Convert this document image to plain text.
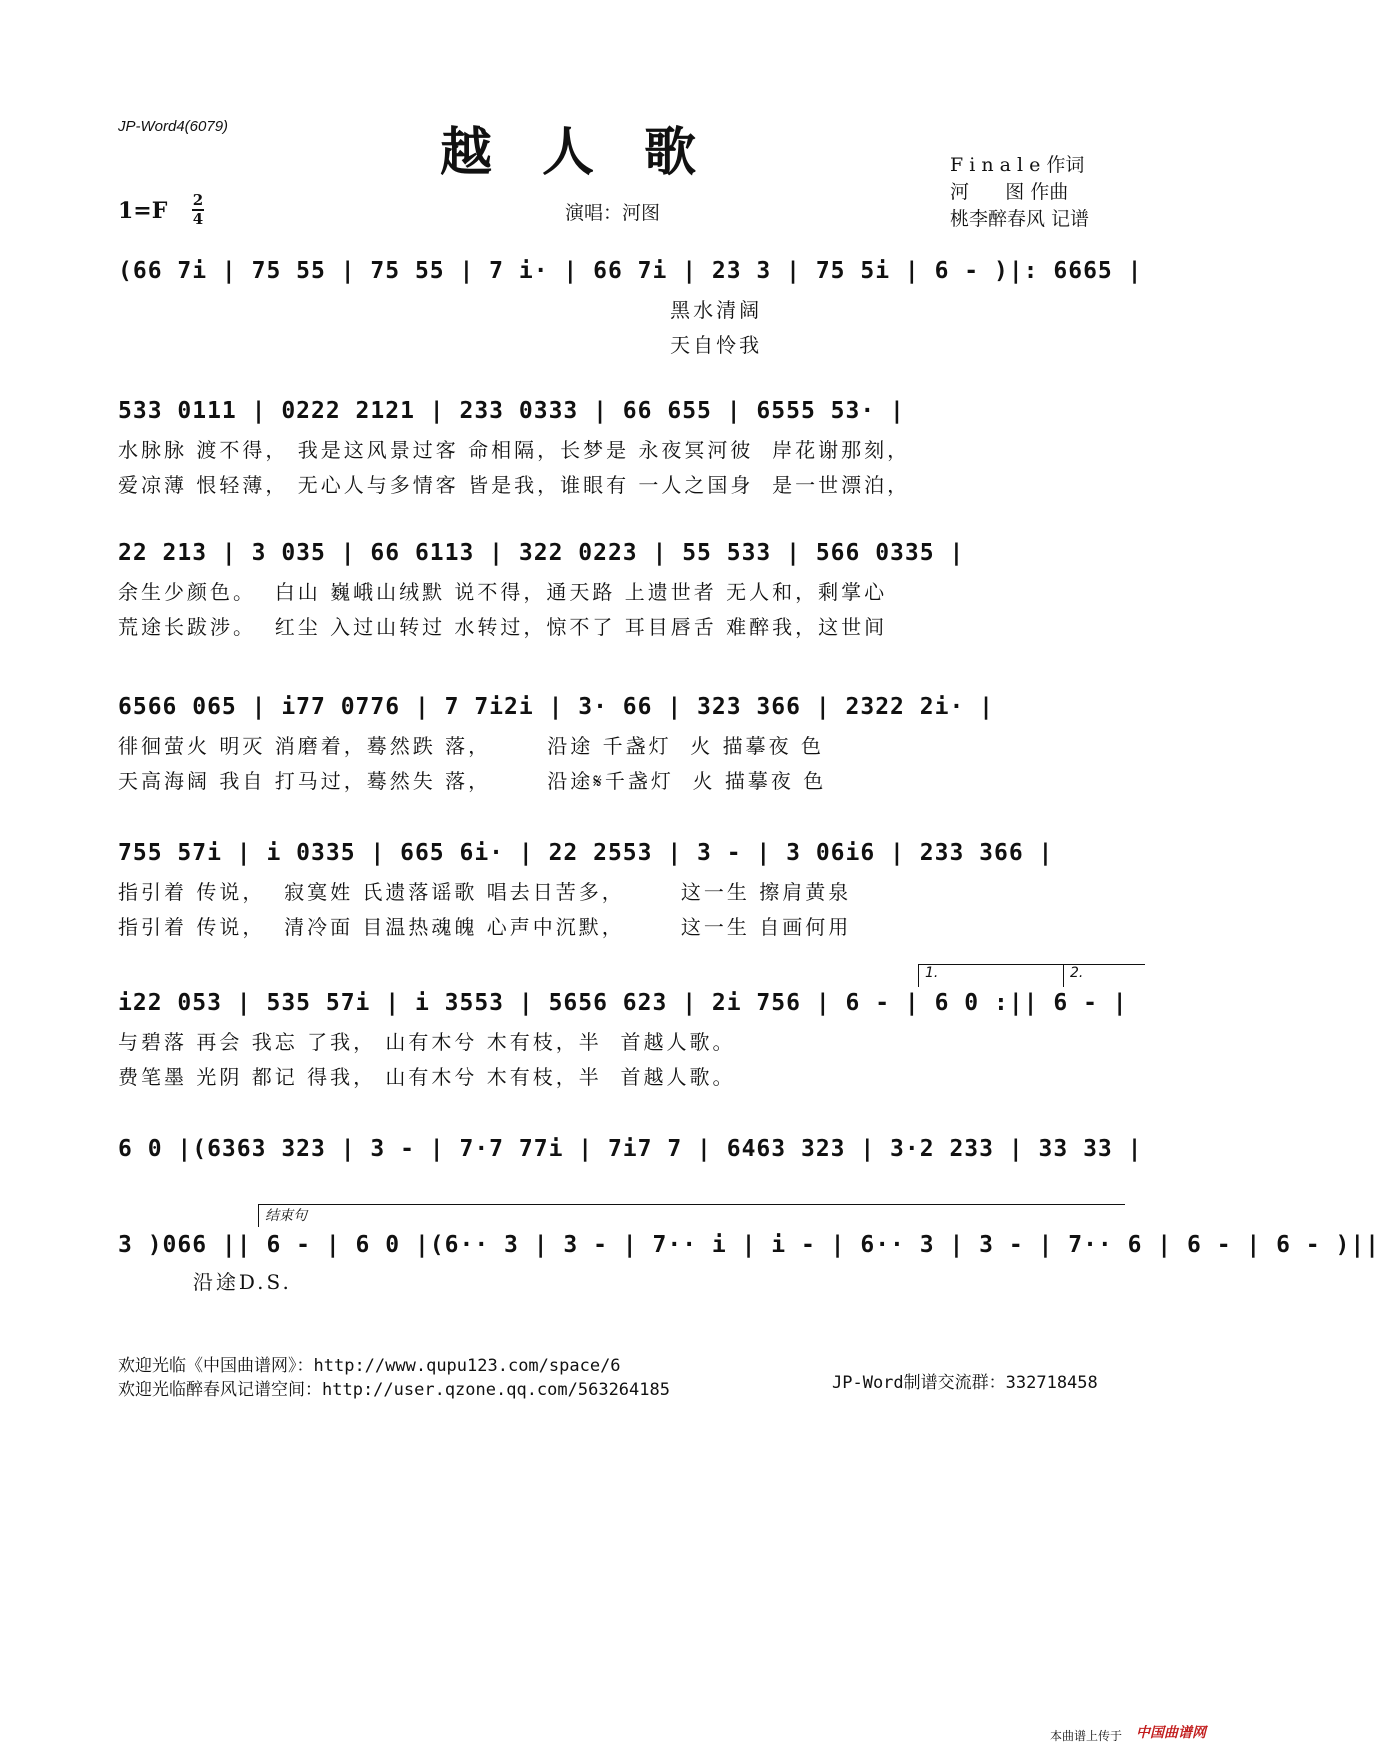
JP-Word4(6079)	越人歌	F i n a l e 作词
河      图 作曲
桃李醉春风 记谱
1=F 2
4	演唱：河图
(66 7i | 75 55 | 75 55 | 7 i· | 66 7i | 23 3 | 75 5i | 6 - )|: 6665 |
黑水清阔
天自怜我
533 0111 | 0222 2121 | 233 0333 | 66 655 | 6555 53· |
水脉脉 渡不得， 我是这风景过客 命相隔，长梦是 永夜冥河彼  岸花谢那刻，
爱凉薄 恨轻薄， 无心人与多情客 皆是我，谁眼有 一人之国身  是一世漂泊，
22 213 | 3 035 | 66 6113 | 322 0223 | 55 533 | 566 0335 |
余生少颜色。  白山 巍峨山绒默 说不得，通天路 上遗世者 无人和，剩掌心
荒途长跋涉。  红尘 入过山转过 水转过，惊不了 耳目唇舌 难醉我，这世间
6566 065 | i77 0776 | 7 7i2i | 3· 66 | 323 366 | 2322 2i· |
徘徊萤火 明灭 消磨着，蓦然跌 落，      沿途 千盏灯  火 描摹夜 色
天高海阔 我自 打马过，蓦然失 落，      沿途𝄋千盏灯  火 描摹夜 色
755 57i | i 0335 | 665 6i· | 22 2553 | 3 - | 3 06i6 | 233 366 |
指引着 传说，  寂寞姓 氏遗落谣歌 唱去日苦多，      这一生 擦肩黄泉
指引着 传说，  清冷面 目温热魂魄 心声中沉默，      这一生 自画何用
1.	2.
i22 053 | 535 57i | i 3553 | 5656 623 | 2i 756 | 6 - | 6 0 :|| 6 - |
与碧落 再会 我忘 了我， 山有木兮 木有枝，半  首越人歌。
费笔墨 光阴 都记 得我， 山有木兮 木有枝，半  首越人歌。
6 0 |(6363 323 | 3 - | 7·7 77i | 7i7 7 | 6463 323 | 3·2 233 | 33 33 |
结束句
3 )066 || 6 - | 6 0 |(6·· 3 | 3 - | 7·· i | i - | 6·· 3 | 3 - | 7·· 6 | 6 - | 6 - )||
沿途D.S.
欢迎光临《中国曲谱网》：http://www.qupu123.com/space/6
欢迎光临醉春风记谱空间：http://user.qzone.qq.com/563264185	JP-Word制谱交流群：332718458
本曲谱上传于 中国曲谱网
